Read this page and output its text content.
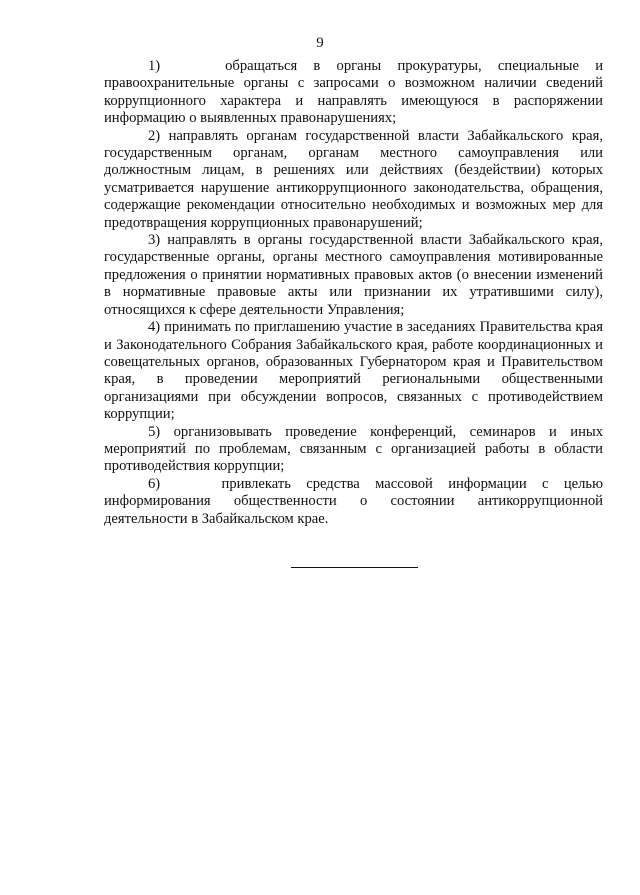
9

1)    обращаться в органы прокуратуры, специальные и правоохранительные органы с запросами о возможном наличии сведений коррупционного характера и направлять имеющуюся в распоряжении информацию о выявленных правонарушениях;

2) направлять органам государственной власти Забайкальского края, государственным органам, органам местного самоуправления или должностным лицам, в решениях или действиях (бездействии) которых усматривается нарушение антикоррупционного законодательства, обращения, содержащие рекомендации относительно необходимых и возможных мер для предотвращения коррупционных правонарушений;

3) направлять в органы государственной власти Забайкальского края, государственные органы, органы местного самоуправления мотивированные предложения о принятии нормативных правовых актов (о внесении изменений в нормативные правовые акты или признании их утратившими силу), относящихся к сфере деятельности Управления;

4) принимать по приглашению участие в заседаниях Правительства края и Законодательного Собрания Забайкальского края, работе координационных и совещательных органов, образованных Губернатором края и Правительством края, в проведении мероприятий региональными общественными организациями при обсуждении вопросов, связанных с противодействием коррупции;

5) организовывать проведение конференций, семинаров и иных мероприятий по проблемам, связанным с организацией работы в области противодействия коррупции;

6)    привлекать средства массовой информации с целью информирования общественности о состоянии антикоррупционной деятельности в Забайкальском крае.
